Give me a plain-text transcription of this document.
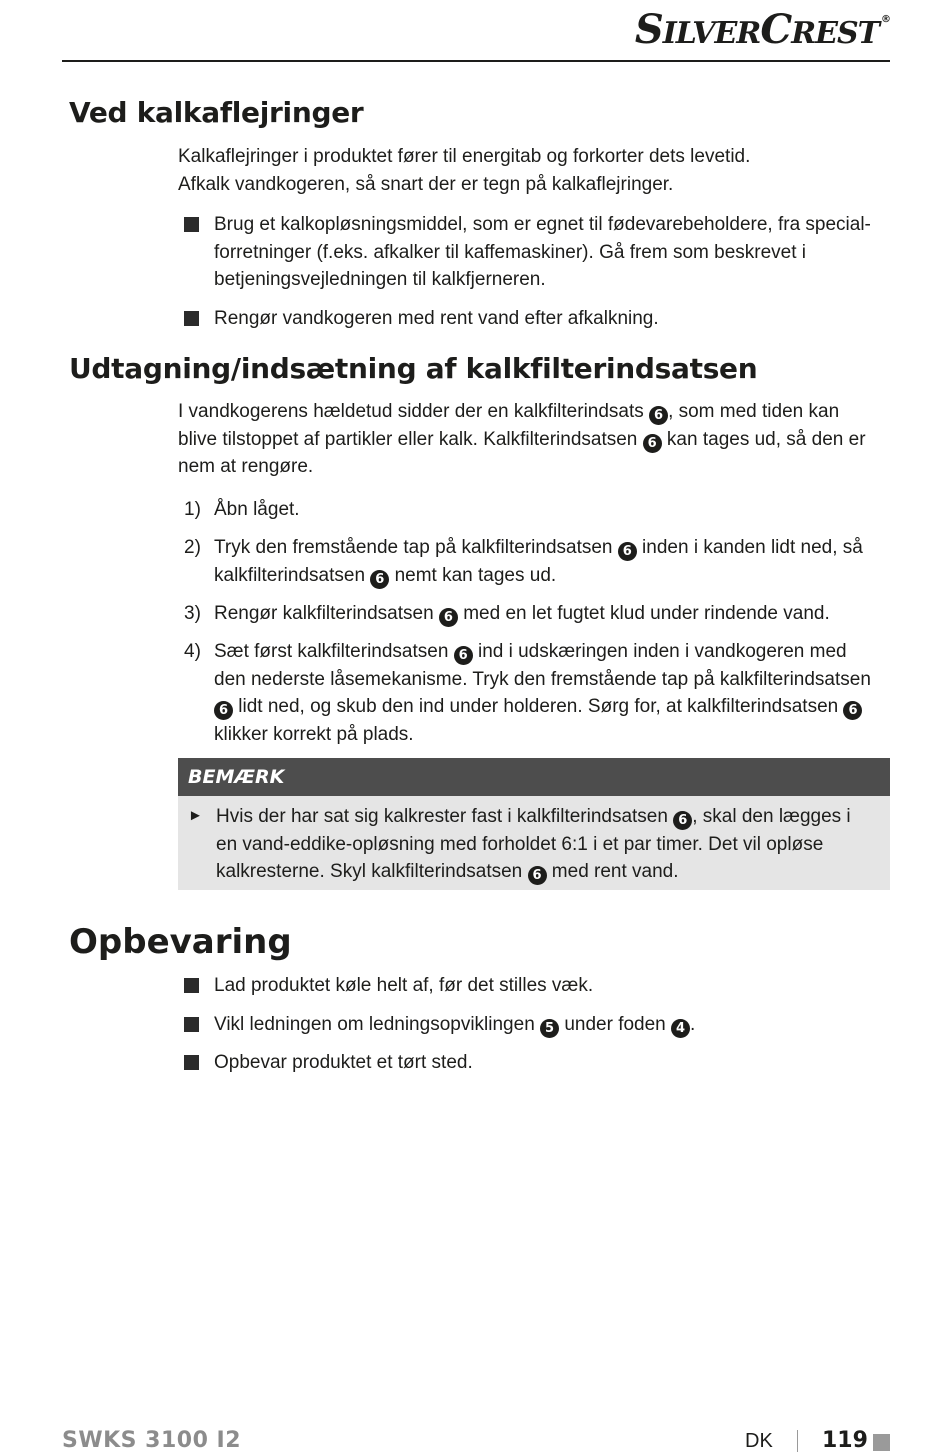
SILVERCREST ®
Ved kalkaflejringer

Kalkaflejringer i produktet fører til energitab og forkorter dets levetid.
Afkalk vandkogeren, så snart der er tegn på kalkaflejringer.

Brug et kalkopløsningsmiddel, som er egnet til fødevarebeholdere, fra special-forretninger (f.eks. afkalker til kaffemaskiner). Gå frem som beskrevet i betjeningsvejledningen til kalkfjerneren.
Rengør vandkogeren med rent vand efter afkalkning.
Udtagning/indsætning af kalkfilterindsatsen

I vandkogerens hældetud sidder der en kalkfilterindsats 6 , som med tiden kan blive tilstoppet af partikler eller kalk. Kalkfilterindsatsen 6 kan tages ud, så den er nem at rengøre.

1) Åbn låget.
2) Tryk den fremstående tap på kalkfilterindsatsen 6 inden i kanden lidt ned, så kalkfilterindsatsen 6 nemt kan tages ud.
3) Rengør kalkfilterindsatsen 6 med en let fugtet klud under rindende vand.
4) Sæt først kalkfilterindsatsen 6 ind i udskæringen inden i vandkogeren med den nederste låsemekanisme. Tryk den fremstående tap på kalkfilterindsatsen 6 lidt ned, og skub den ind under holderen. Sørg for, at kalkfilterindsatsen 6 klikker korrekt på plads.
BEMÆRK
► Hvis der har sat sig kalkrester fast i kalkfilterindsatsen 6 , skal den lægges i en vand-eddike-opløsning med forholdet 6:1 i et par timer. Det vil opløse kalkresterne. Skyl kalkfilterindsatsen 6 med rent vand.
Opbevaring
Lad produktet køle helt af, før det stilles væk.
Vikl ledningen om ledningsopviklingen 5 under foden 4 .
Opbevar produktet et tørt sted.
SWKS 3100 I2	DK 119
